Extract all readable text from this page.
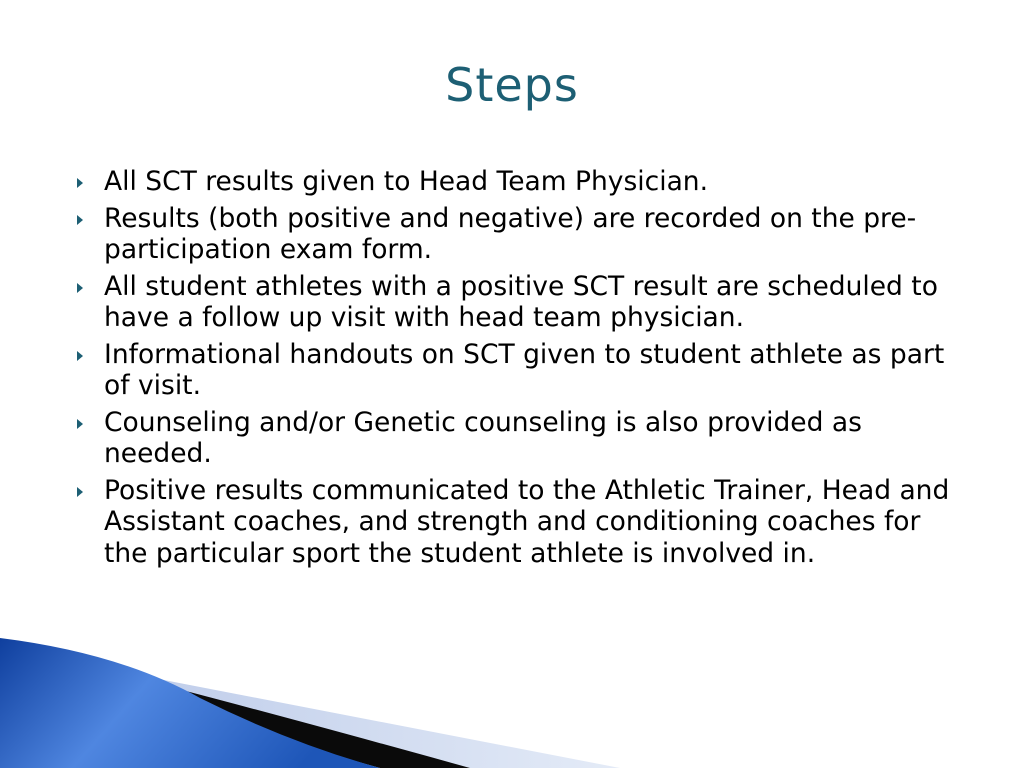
Steps
All SCT results given to Head Team Physician.
Results (both positive and negative) are recorded on the pre-participation exam form.
All student athletes with a positive SCT result are scheduled to have a follow up visit with head team physician.
Informational handouts on SCT given to student athlete as part of visit.
Counseling and/or Genetic counseling is also provided as needed.
Positive results communicated to the Athletic Trainer, Head and Assistant coaches, and strength and conditioning coaches for the particular sport the student athlete is involved in.
